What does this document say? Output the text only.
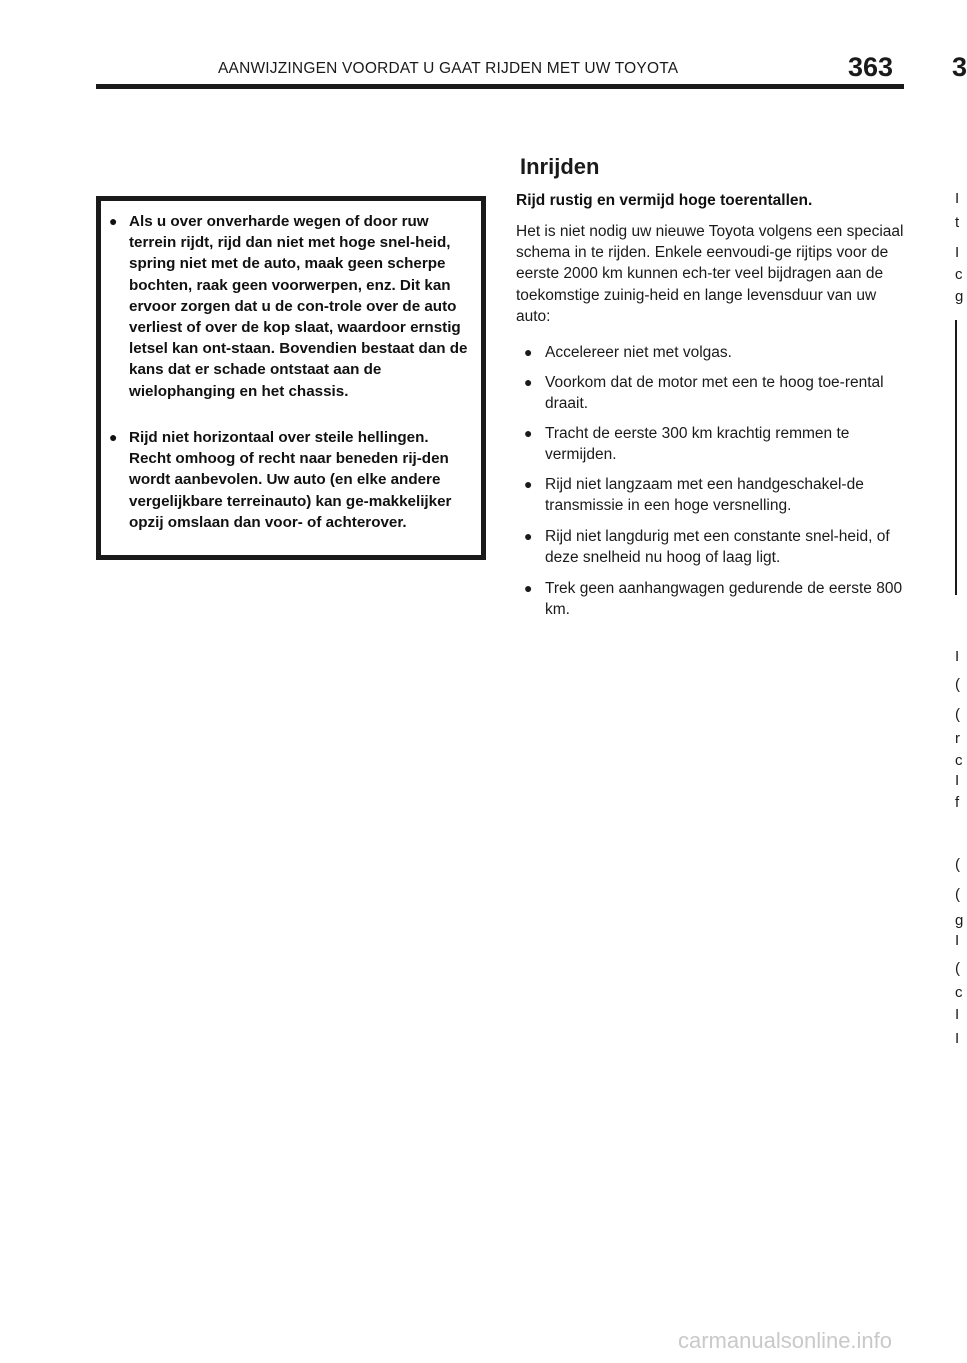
AANWIJZINGEN VOORDAT U GAAT RIJDEN MET UW TOYOTA	363
● Als u over onverharde wegen of door ruw terrein rijdt, rijd dan niet met hoge snel-heid, spring niet met de auto, maak geen scherpe bochten, raak geen voorwerpen, enz. Dit kan ervoor zorgen dat u de con-trole over de auto verliest of over de kop slaat, waardoor ernstig letsel kan ont-staan. Bovendien bestaat dan de kans dat er schade ontstaat aan de wielophanging en het chassis.
● Rijd niet horizontaal over steile hellingen. Recht omhoog of recht naar beneden rij-den wordt aanbevolen. Uw auto (en elke andere vergelijkbare terreinauto) kan ge-makkelijker opzij omslaan dan voor- of achterover.
Inrijden
Rijd rustig en vermijd hoge toerentallen.
Het is niet nodig uw nieuwe Toyota volgens een speciaal schema in te rijden. Enkele eenvoudi-ge rijtips voor de eerste 2000 km kunnen ech-ter veel bijdragen aan de toekomstige zuinig-heid en lange levensduur van uw auto:
● Accelereer niet met volgas.
● Voorkom dat de motor met een te hoog toe-rental draait.
● Tracht de eerste 300 km krachtig remmen te vermijden.
● Rijd niet langzaam met een handgeschakel-de transmissie in een hoge versnelling.
● Rijd niet langdurig met een constante snel-heid, of deze snelheid nu hoog of laag ligt.
● Trek geen aanhangwagen gedurende de eerste 800 km.
3
I
t
I
c
g
I
(
(
r
c
I
f
(
(
g
I
(
c
I
I
carmanualsonline.info
